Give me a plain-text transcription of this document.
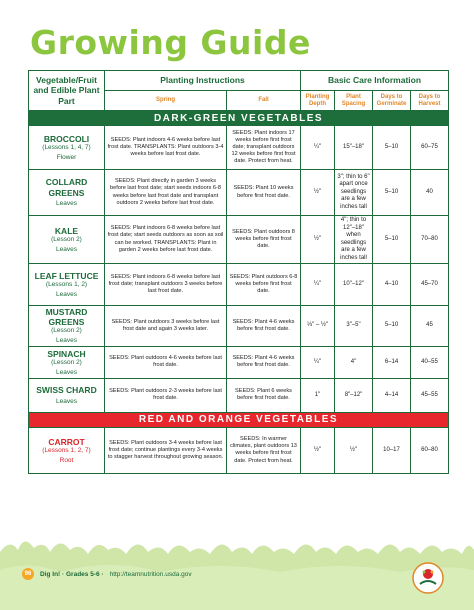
Growing Guide
Vegetable/Fruit and Edible Plant Part	Planting Instructions		Basic Care Information			
	Spring	Fall	Planting Depth	Plant Spacing	Days to Germinate	Days to Harvest
DARK-GREEN VEGETABLES						

BROCCOLI
(Lessons 1, 4, 7)
Flower	SEEDS: Plant indoors 4-6 weeks before last frost date. TRANSPLANTS: Plant outdoors 3-4 weeks before last frost date.	SEEDS: Plant indoors 17 weeks before first frost date; transplant outdoors 12 weeks before first frost date. Protect from heat.	¼"	15"–18"	5–10	60–75

COLLARD GREENS
Leaves	SEEDS: Plant directly in garden 3 weeks before last frost date; start seeds indoors 6-8 weeks before last frost date and transplant outdoors 2 weeks before last frost date.	SEEDS: Plant 10 weeks before first frost date.	½"	3"; thin to 6" apart once seedlings are a few inches tall	5–10	40

KALE
(Lesson 2)
Leaves	SEEDS: Plant indoors 6-8 weeks before last frost date; start seeds outdoors as soon as soil can be worked. TRANSPLANTS: Plant in garden 2 weeks before last frost date.	SEEDS: Plant outdoors 8 weeks before first frost date.	½"	4"; thin to 12"–18" when seedlings are a few inches tall	5–10	70–80

LEAF LETTUCE
(Lessons 1, 2)
Leaves	SEEDS: Plant indoors 6-8 weeks before last frost date; transplant outdoors 3 weeks before last frost date.	SEEDS: Plant outdoors 6-8 weeks before first frost date.	¼"	10"–12"	4–10	45–70

MUSTARD GREENS
(Lesson 2)
Leaves	SEEDS: Plant outdoors 3 weeks before last frost date and again 3 weeks later.	SEEDS: Plant 4-6 weeks before first frost date.	⅓" – ½"	3"–5"	5–10	45

SPINACH
(Lesson 2)
Leaves	SEEDS: Plant outdoors 4-6 weeks before last frost date.	SEEDS: Plant 4-6 weeks before first frost date.	¼"	4"	6–14	40–55

SWISS CHARD
Leaves	SEEDS: Plant outdoors 2-3 weeks before last frost date.	SEEDS: Plant 6 weeks before first frost date.	1"	8"–12"	4–14	45–55
RED AND ORANGE VEGETABLES						

CARROT
(Lessons 1, 2, 7)
Root	SEEDS: Plant outdoors 3-4 weeks before last frost date; continue plantings every 3-4 weeks to stagger harvest throughout growing season.	SEEDS: In warmer climates, plant outdoors 13 weeks before first frost date. Protect from heat.	½"	½"	10–17	60–80
96	Dig In! · Grades 5-6 · http://teamnutrition.usda.gov
